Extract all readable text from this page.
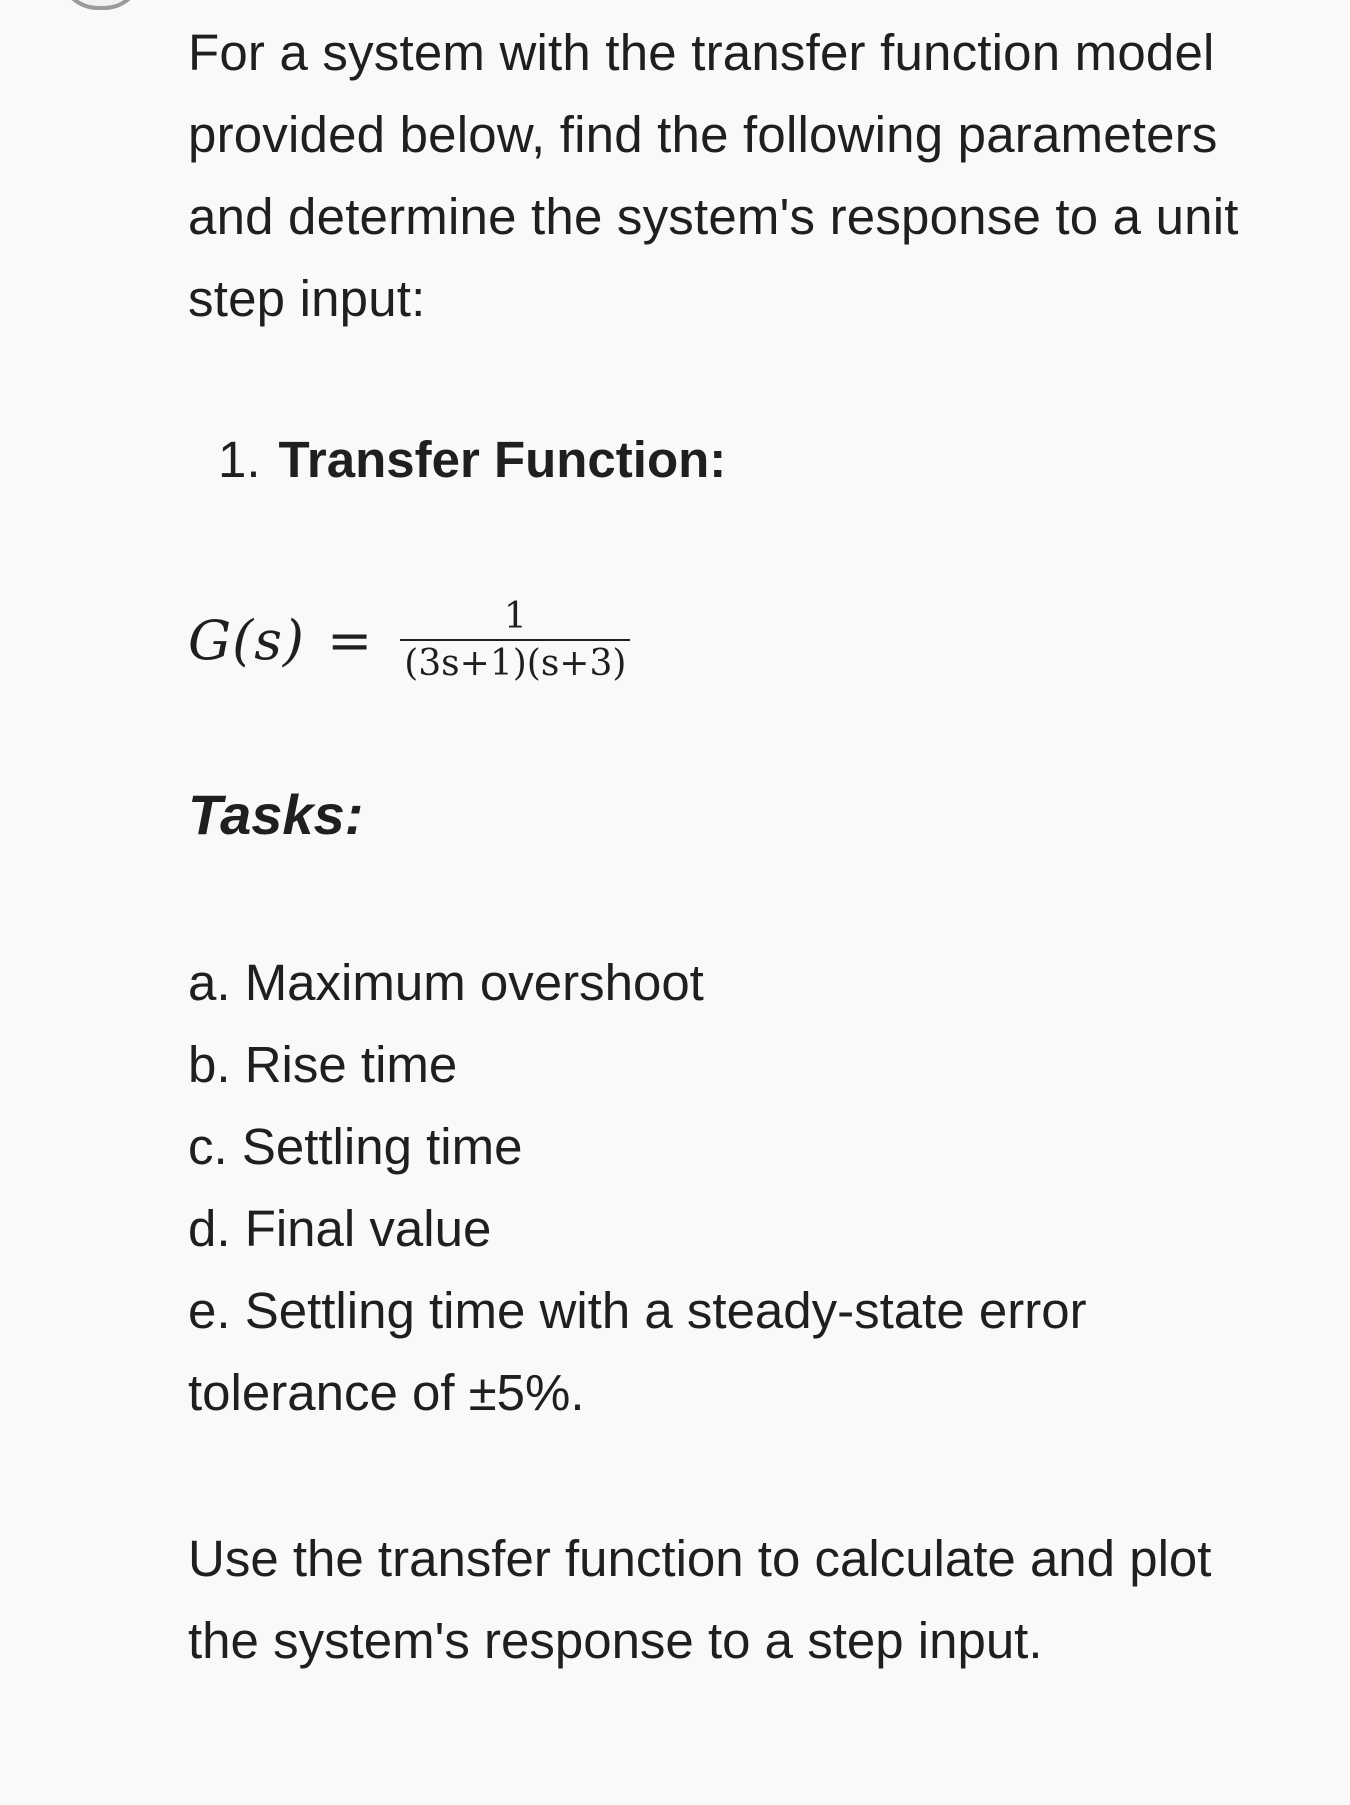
For a system with the transfer function model provided below, find the following parameters and determine the system's response to a unit step input:

1. Transfer Function:

$G(s) = \frac{1}{(3s+1)(s+3)}$
Tasks:
a. Maximum overshoot
b. Rise time
c. Settling time
d. Final value
e. Settling time with a steady-state error tolerance of ±5%.

Use the transfer function to calculate and plot the system's response to a step input.
